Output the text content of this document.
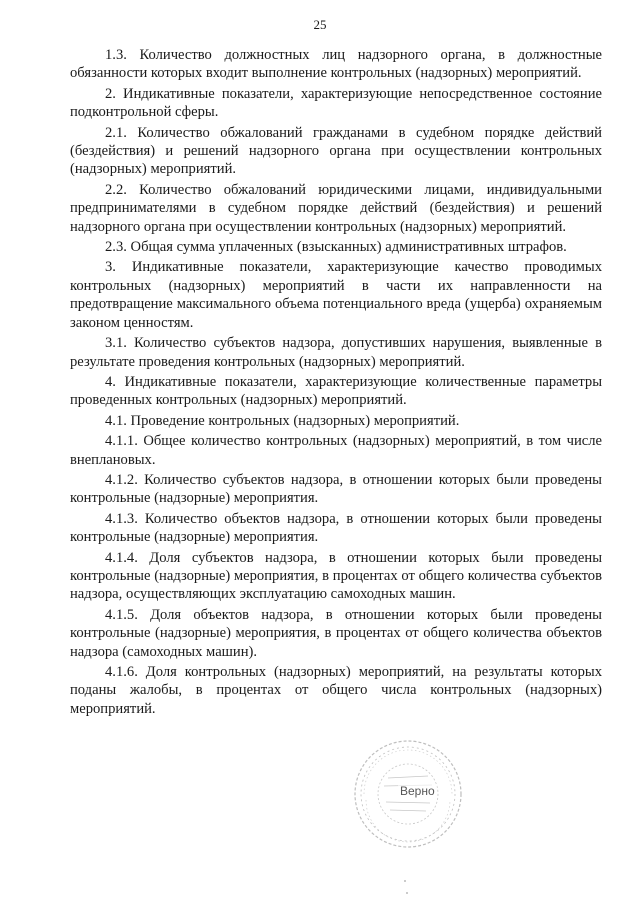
25

1.3. Количество должностных лиц надзорного органа, в должностные обязанности которых входит выполнение контрольных (надзорных) мероприятий.

2. Индикативные показатели, характеризующие непосредственное состояние подконтрольной сферы.

2.1. Количество обжалований гражданами в судебном порядке действий (бездействия) и решений надзорного органа при осуществлении контрольных (надзорных) мероприятий.

2.2. Количество обжалований юридическими лицами, индивидуальными предпринимателями в судебном порядке действий (бездействия) и решений надзорного органа при осуществлении контрольных (надзорных) мероприятий.

2.3. Общая сумма уплаченных (взысканных) административных штрафов.

3. Индикативные показатели, характеризующие качество проводимых контрольных (надзорных) мероприятий в части их направленности на предотвращение максимального объема потенциального вреда (ущерба) охраняемым законом ценностям.

3.1. Количество субъектов надзора, допустивших нарушения, выявленные в результате проведения контрольных (надзорных) мероприятий.

4. Индикативные показатели, характеризующие количественные параметры проведенных контрольных (надзорных) мероприятий.

4.1. Проведение контрольных (надзорных) мероприятий.

4.1.1. Общее количество контрольных (надзорных) мероприятий, в том числе внеплановых.

4.1.2. Количество субъектов надзора, в отношении которых были проведены контрольные (надзорные) мероприятия.

4.1.3. Количество объектов надзора, в отношении которых были проведены контрольные (надзорные) мероприятия.

4.1.4. Доля субъектов надзора, в отношении которых были проведены контрольные (надзорные) мероприятия, в процентах от общего количества субъектов надзора, осуществляющих эксплуатацию самоходных машин.

4.1.5. Доля объектов надзора, в отношении которых были проведены контрольные (надзорные) мероприятия, в процентах от общего количества объектов надзора (самоходных машин).

4.1.6. Доля контрольных (надзорных) мероприятий, на результаты которых поданы жалобы, в процентах от общего числа контрольных (надзорных) мероприятий.

Верно
